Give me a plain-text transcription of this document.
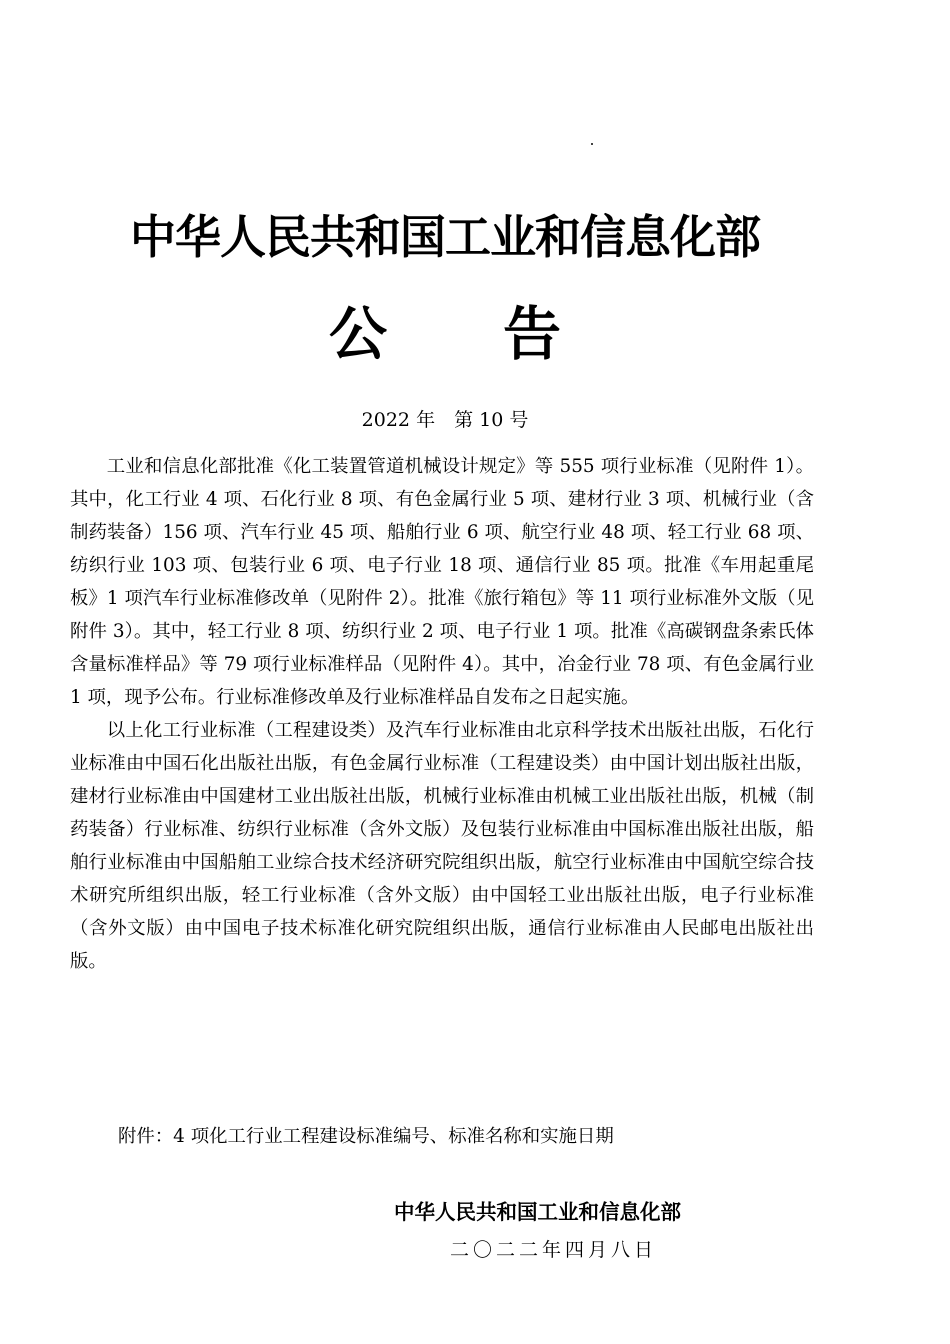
中华人民共和国工业和信息化部
公　　告
2022 年　第 10 号

工业和信息化部批准《化工装置管道机械设计规定》等 555 项行业标准（见附件 1）。其中，化工行业 4 项、石化行业 8 项、有色金属行业 5 项、建材行业 3 项、机械行业（含制药装备）156 项、汽车行业 45 项、船舶行业 6 项、航空行业 48 项、轻工行业 68 项、纺织行业 103 项、包装行业 6 项、电子行业 18 项、通信行业 85 项。批准《车用起重尾板》1 项汽车行业标准修改单（见附件 2）。批准《旅行箱包》等 11 项行业标准外文版（见附件 3）。其中，轻工行业 8 项、纺织行业 2 项、电子行业 1 项。批准《高碳钢盘条索氏体含量标准样品》等 79 项行业标准样品（见附件 4）。其中，冶金行业 78 项、有色金属行业 1 项，现予公布。行业标准修改单及行业标准样品自发布之日起实施。

以上化工行业标准（工程建设类）及汽车行业标准由北京科学技术出版社出版，石化行业标准由中国石化出版社出版，有色金属行业标准（工程建设类）由中国计划出版社出版，建材行业标准由中国建材工业出版社出版，机械行业标准由机械工业出版社出版，机械（制药装备）行业标准、纺织行业标准（含外文版）及包装行业标准由中国标准出版社出版，船舶行业标准由中国船舶工业综合技术经济研究院组织出版，航空行业标准由中国航空综合技术研究所组织出版，轻工行业标准（含外文版）由中国轻工业出版社出版，电子行业标准（含外文版）由中国电子技术标准化研究院组织出版，通信行业标准由人民邮电出版社出版。

附件：4 项化工行业工程建设标准编号、标准名称和实施日期
中华人民共和国工业和信息化部
二〇二二年四月八日
